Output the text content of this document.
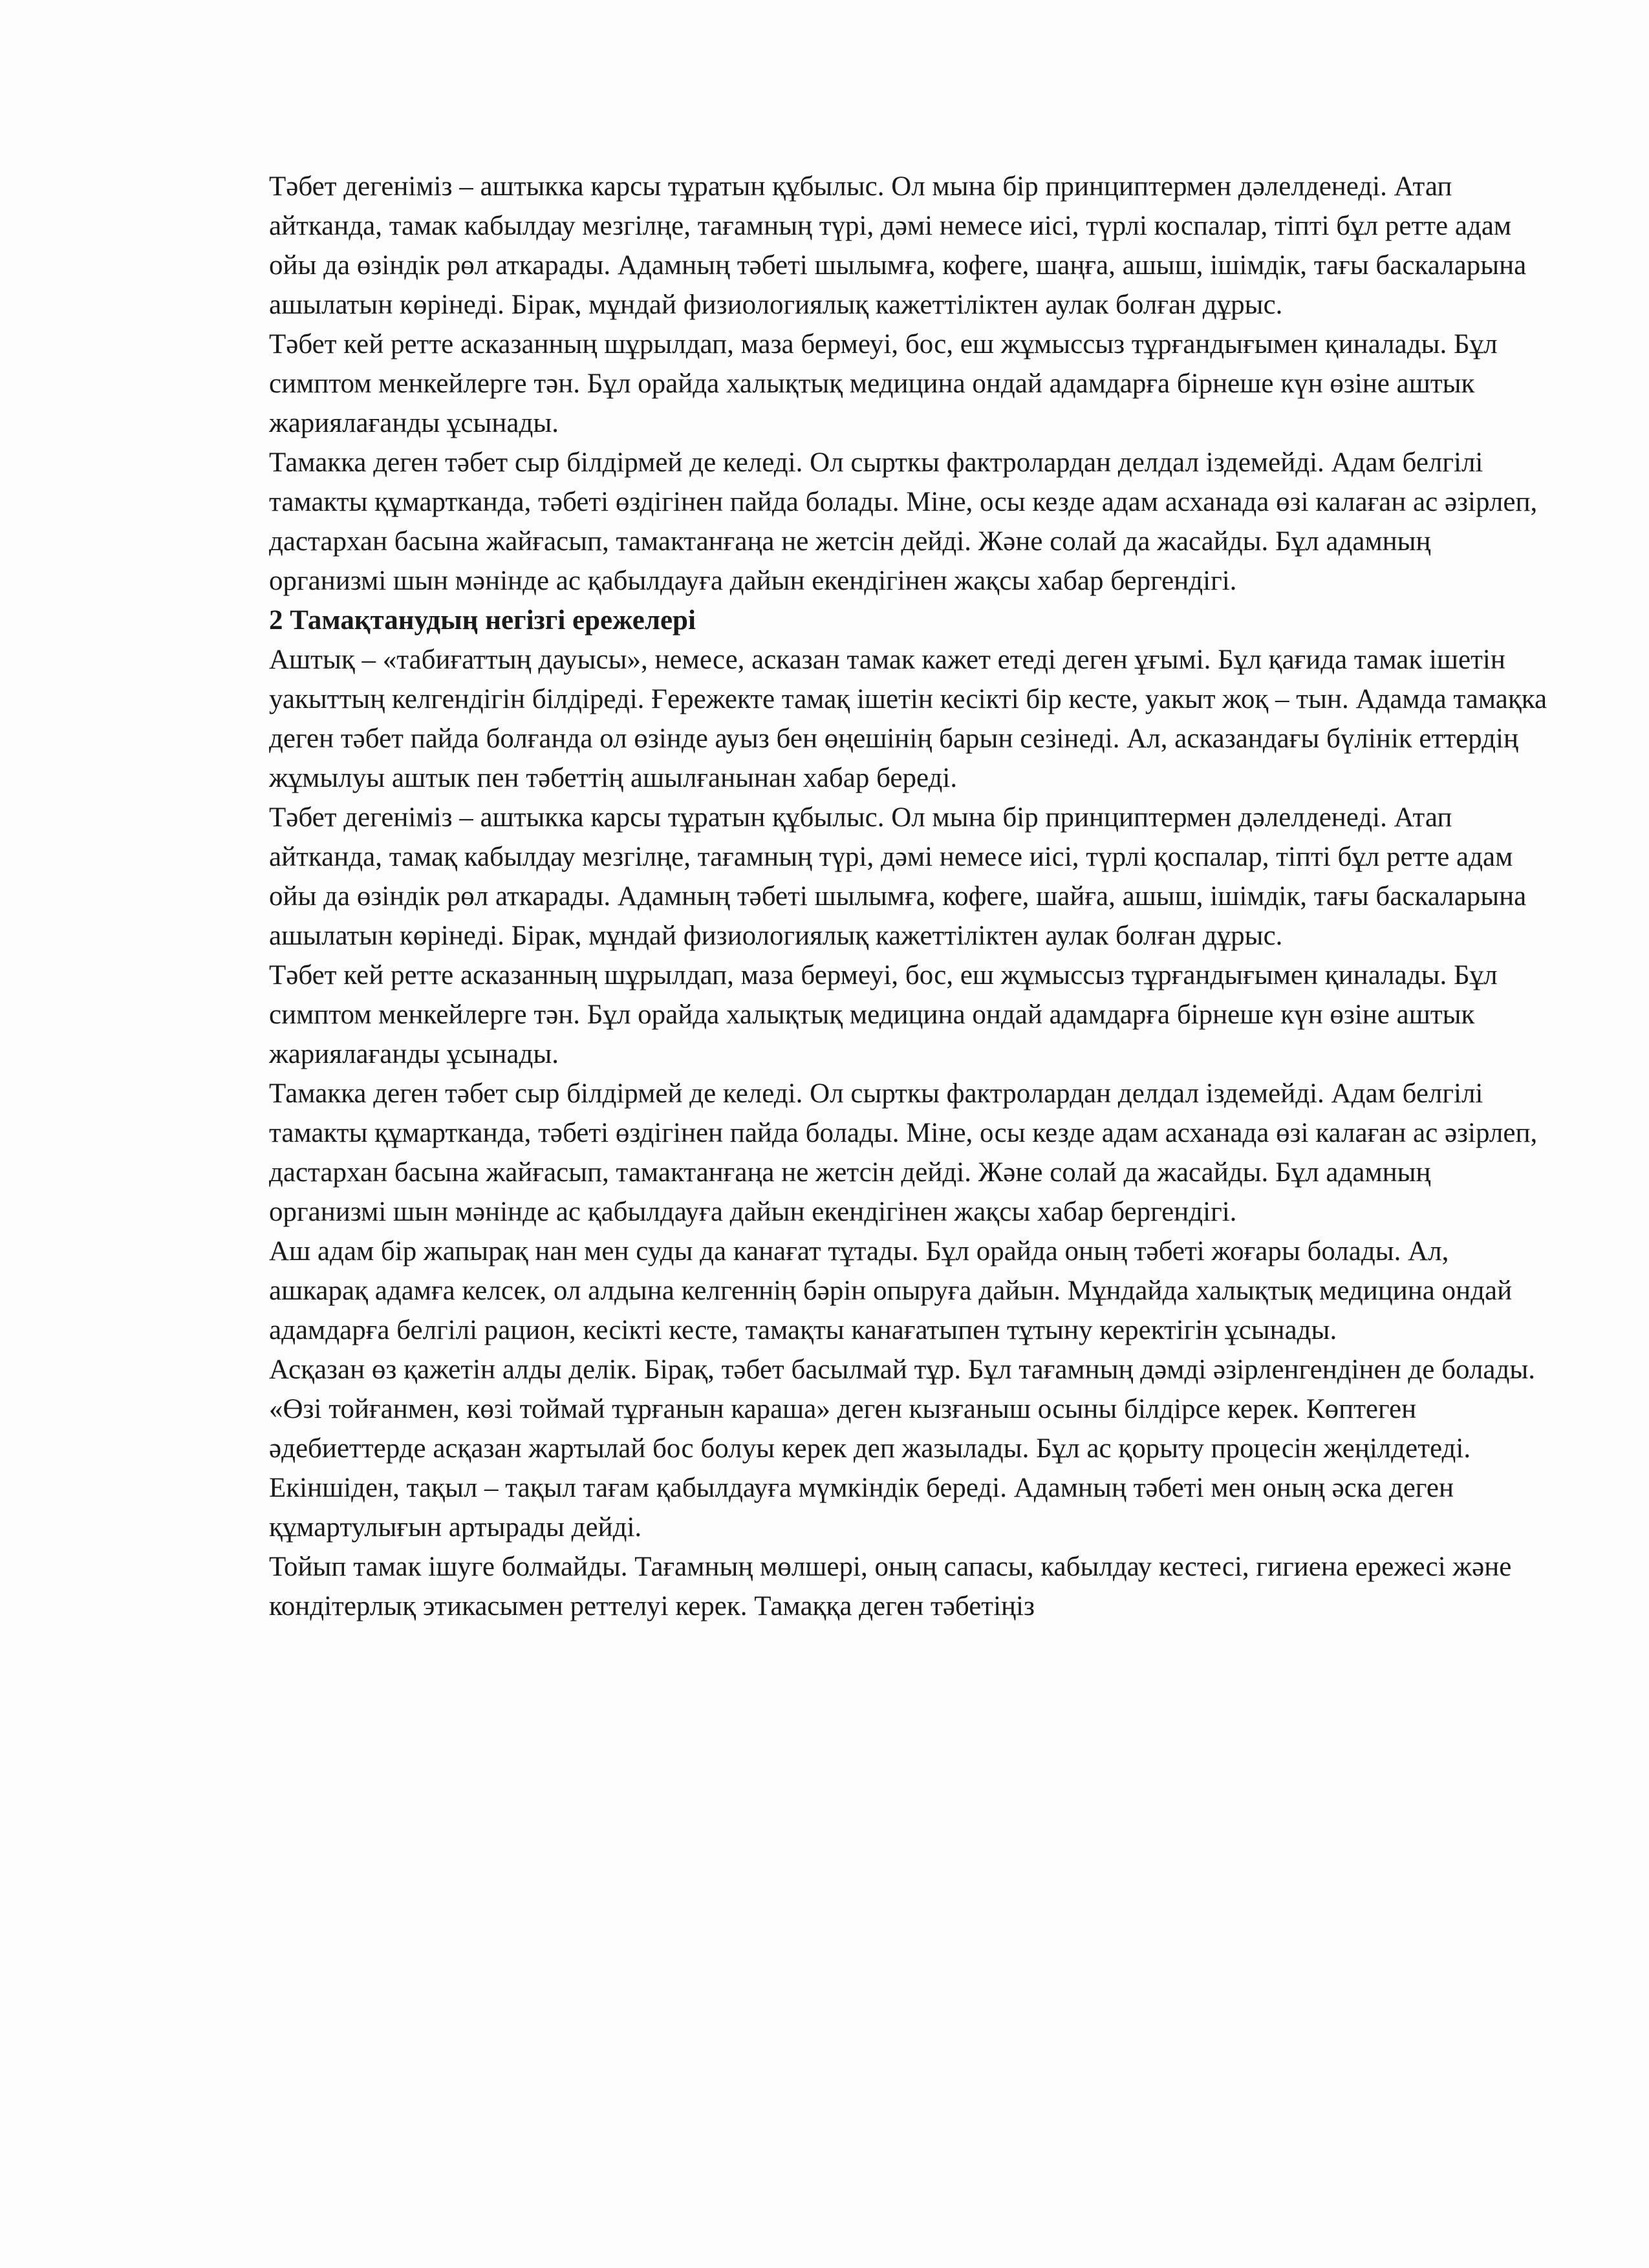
Тәбет дегеніміз – аштыкка карсы тұратын құбылыс. Ол мына бір принциптермен дәлелденеді. Атап айтканда, тамак кабылдау мезгілңе, тағамның түрі, дәмі немесе иісі, түрлі коспалар, тіпті бұл ретте адам ойы да өзіндік рөл аткарады. Адамның тәбеті шылымға, кофеге, шаңға, ашыш, ішімдік, тағы баскаларына ашылатын көрінеді. Бірак, мұндай физиологиялық кажеттіліктен аулак болған дұрыс.

Тәбет кей ретте асказанның шұрылдап, маза бермеуі, бос, еш жұмыссыз тұрғандығымен қиналады. Бұл симптом менкейлерге тән. Бұл орайда халықтық медицина ондай адамдарға бірнеше күн өзіне аштык жариялағанды ұсынады.

Тамакка деген тәбет сыр білдірмей де келеді. Ол сырткы фактролардан делдал іздемейді. Адам белгілі тамакты құмартканда, тәбеті өздігінен пайда болады. Міне, осы кезде адам асханада өзі калаған ас әзірлеп, дастархан басына жайғасып, тамактанғаңа не жетсін дейді. Және солай да жасайды. Бұл адамның организмі шын мәнінде ас қабылдауға дайын екендігінен жақсы хабар бергендігі.

2 Тамақтанудың негізгі ережелері

Аштық – «табиғаттың дауысы», немесе, асказан тамак кажет етеді деген ұғымі. Бұл қағида тамак ішетін уакыттың келгендігін білдіреді. Ғережекте тамақ ішетін кесікті бір кесте, уакыт жоқ – тын. Адамда тамақка деген тәбет пайда болғанда ол өзінде ауыз бен өңешінің барын сезінеді. Ал, асказандағы бүлінік еттердің жұмылуы аштык пен тәбеттің ашылғанынан хабар береді.

Тәбет дегеніміз – аштыкка карсы тұратын құбылыс. Ол мына бір принциптермен дәлелденеді. Атап айтканда, тамақ кабылдау мезгілңе, тағамның түрі, дәмі немесе иісі, түрлі қоспалар, тіпті бұл ретте адам ойы да өзіндік рөл аткарады. Адамның тәбеті шылымға, кофеге, шайға, ашыш, ішімдік, тағы баскаларына ашылатын көрінеді. Бірак, мұндай физиологиялық кажеттіліктен аулак болған дұрыс.

Тәбет кей ретте асказанның шұрылдап, маза бермеуі, бос, еш жұмыссыз тұрғандығымен қиналады. Бұл симптом менкейлерге тән. Бұл орайда халықтық медицина ондай адамдарға бірнеше күн өзіне аштык жариялағанды ұсынады.

Тамакка деген тәбет сыр білдірмей де келеді. Ол сырткы фактролардан делдал іздемейді. Адам белгілі тамакты құмартканда, тәбеті өздігінен пайда болады. Міне, осы кезде адам асханада өзі калаған ас әзірлеп, дастархан басына жайғасып, тамактанғаңа не жетсін дейді. Және солай да жасайды. Бұл адамның организмі шын мәнінде ас қабылдауға дайын екендігінен жақсы хабар бергендігі.

Аш адам бір жапырақ нан мен суды да канағат тұтады. Бұл орайда оның тәбеті жоғары болады. Ал, ашкарақ адамға келсек, ол алдына келгеннің бәрін опыруға дайын. Мұндайда халықтық медицина ондай адамдарға белгілі рацион, кесікті кесте, тамақты канағатыпен тұтыну керектігін ұсынады.

Асқазан өз қажетін алды делік. Бірақ, тәбет басылмай тұр. Бұл тағамның дәмді әзірленгендінен де болады. «Өзі тойғанмен, көзі тоймай тұрғанын караша» деген кызғаныш осыны білдірсе керек. Көптеген әдебиеттерде асқазан жартылай бос болуы керек деп жазылады. Бұл ас қорыту процесін жеңілдетеді. Екіншіден, тақыл – тақыл тағам қабылдауға мүмкіндік береді. Адамның тәбеті мен оның әска деген құмартулығын артырады дейді.

Тойып тамак ішуге болмайды. Тағамның мөлшері, оның сапасы, кабылдау кестесі, гигиена ережесі және кондітерлық этикасымен реттелуі керек. Тамаққа деген тәбетіңіз
